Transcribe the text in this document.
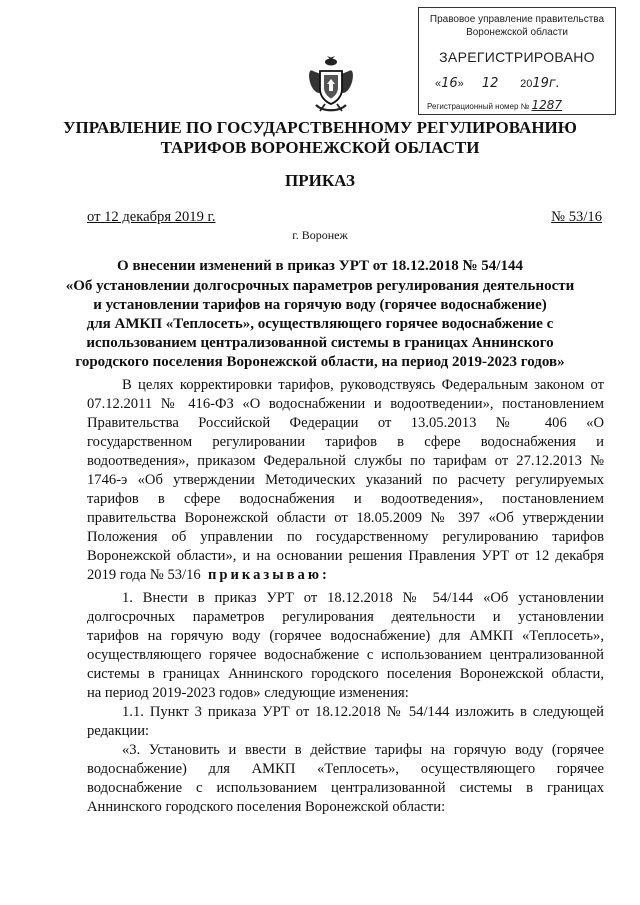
Правовое управление правительства
Воронежской области
ЗАРЕГИСТРИРОВАНО
«16» 12 2019г.
Регистрационный номер № 1287
УПРАВЛЕНИЕ ПО ГОСУДАРСТВЕННОМУ РЕГУЛИРОВАНИЮ
ТАРИФОВ ВОРОНЕЖСКОЙ ОБЛАСТИ
ПРИКАЗ
от 12 декабря 2019 г.	№ 53/16
г. Воронеж
О внесении изменений в приказ УРТ от 18.12.2018 № 54/144
«Об установлении долгосрочных параметров регулирования деятельности
и установлении тарифов на горячую воду (горячее водоснабжение)
для АМКП «Теплосеть», осуществляющего горячее водоснабжение с
использованием централизованной системы в границах Аннинского
городского поселения Воронежской области, на период 2019-2023 годов»
В целях корректировки тарифов, руководствуясь Федеральным законом от
07.12.2011 № 416-ФЗ «О водоснабжении и водоотведении», постановлением
Правительства Российской Федерации от 13.05.2013 № 406 «О
государственном регулировании тарифов в сфере водоснабжения и
водоотведения», приказом Федеральной службы по тарифам от 27.12.2013 №
1746-э «Об утверждении Методических указаний по расчету регулируемых
тарифов в сфере водоснабжения и водоотведения», постановлением
правительства Воронежской области от 18.05.2009 № 397 «Об утверждении
Положения об управлении по государственному регулированию тарифов
Воронежской области», и на основании решения Правления УРТ от 12 декабря
2019 года № 53/16 приказываю:
1. Внести в приказ УРТ от 18.12.2018 № 54/144 «Об установлении
долгосрочных параметров регулирования деятельности и установлении
тарифов на горячую воду (горячее водоснабжение) для АМКП «Теплосеть»,
осуществляющего горячее водоснабжение с использованием централизованной
системы в границах Аннинского городского поселения Воронежской области,
на период 2019-2023 годов» следующие изменения:
1.1. Пункт 3 приказа УРТ от 18.12.2018 № 54/144 изложить в следующей
редакции:
«3. Установить и ввести в действие тарифы на горячую воду (горячее
водоснабжение) для АМКП «Теплосеть», осуществляющего горячее
водоснабжение с использованием централизованной системы в границах
Аннинского городского поселения Воронежской области:
